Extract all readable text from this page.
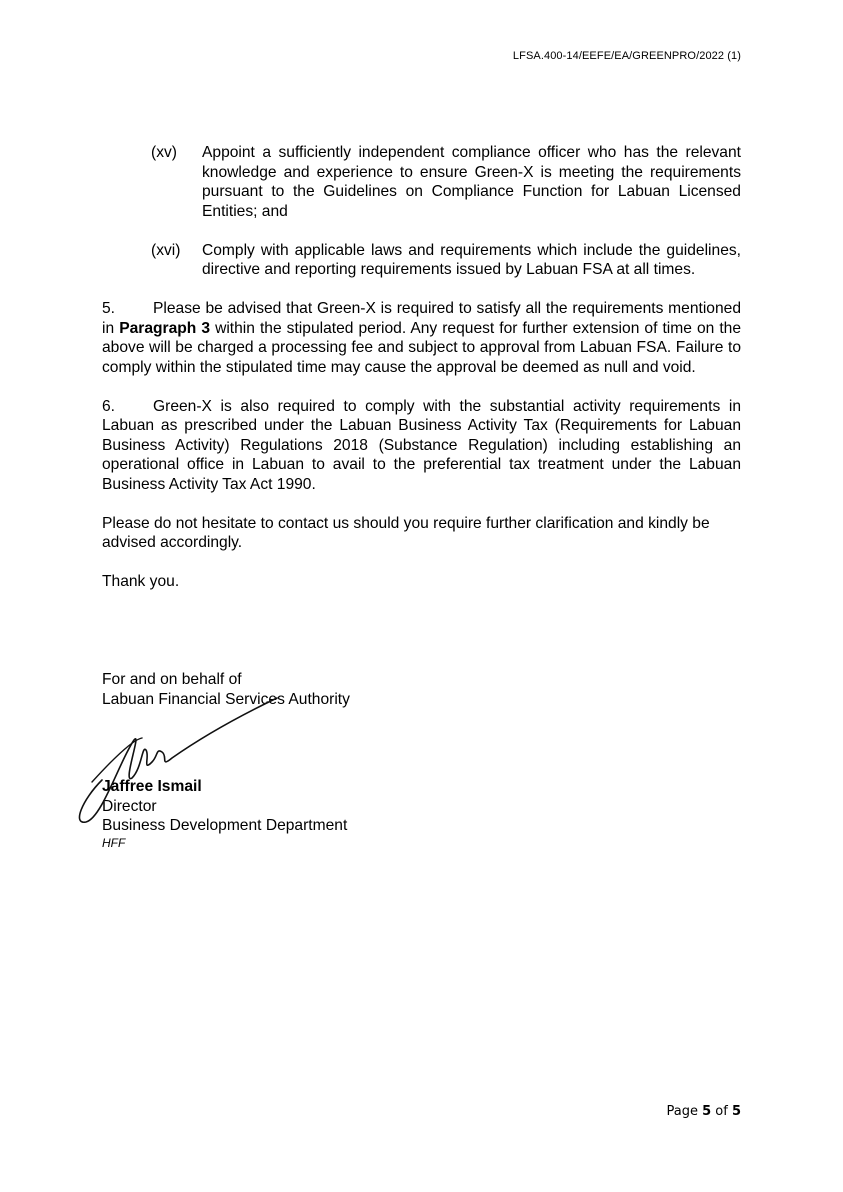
LFSA.400-14/EEFE/EA/GREENPRO/2022 (1)
(xv)	Appoint a sufficiently independent compliance officer who has the relevant knowledge and experience to ensure Green-X is meeting the requirements pursuant to the Guidelines on Compliance Function for Labuan Licensed Entities; and
(xvi)	Comply with applicable laws and requirements which include the guidelines, directive and reporting requirements issued by Labuan FSA at all times.

5. Please be advised that Green-X is required to satisfy all the requirements mentioned in Paragraph 3 within the stipulated period. Any request for further extension of time on the above will be charged a processing fee and subject to approval from Labuan FSA. Failure to comply within the stipulated time may cause the approval be deemed as null and void.

6. Green-X is also required to comply with the substantial activity requirements in Labuan as prescribed under the Labuan Business Activity Tax (Requirements for Labuan Business Activity) Regulations 2018 (Substance Regulation) including establishing an operational office in Labuan to avail to the preferential tax treatment under the Labuan Business Activity Tax Act 1990.

Please do not hesitate to contact us should you require further clarification and kindly be advised accordingly.

Thank you.

For and on behalf of
Labuan Financial Services Authority
Jaffree Ismail
Director
Business Development Department
HFF
Page 5 of 5
